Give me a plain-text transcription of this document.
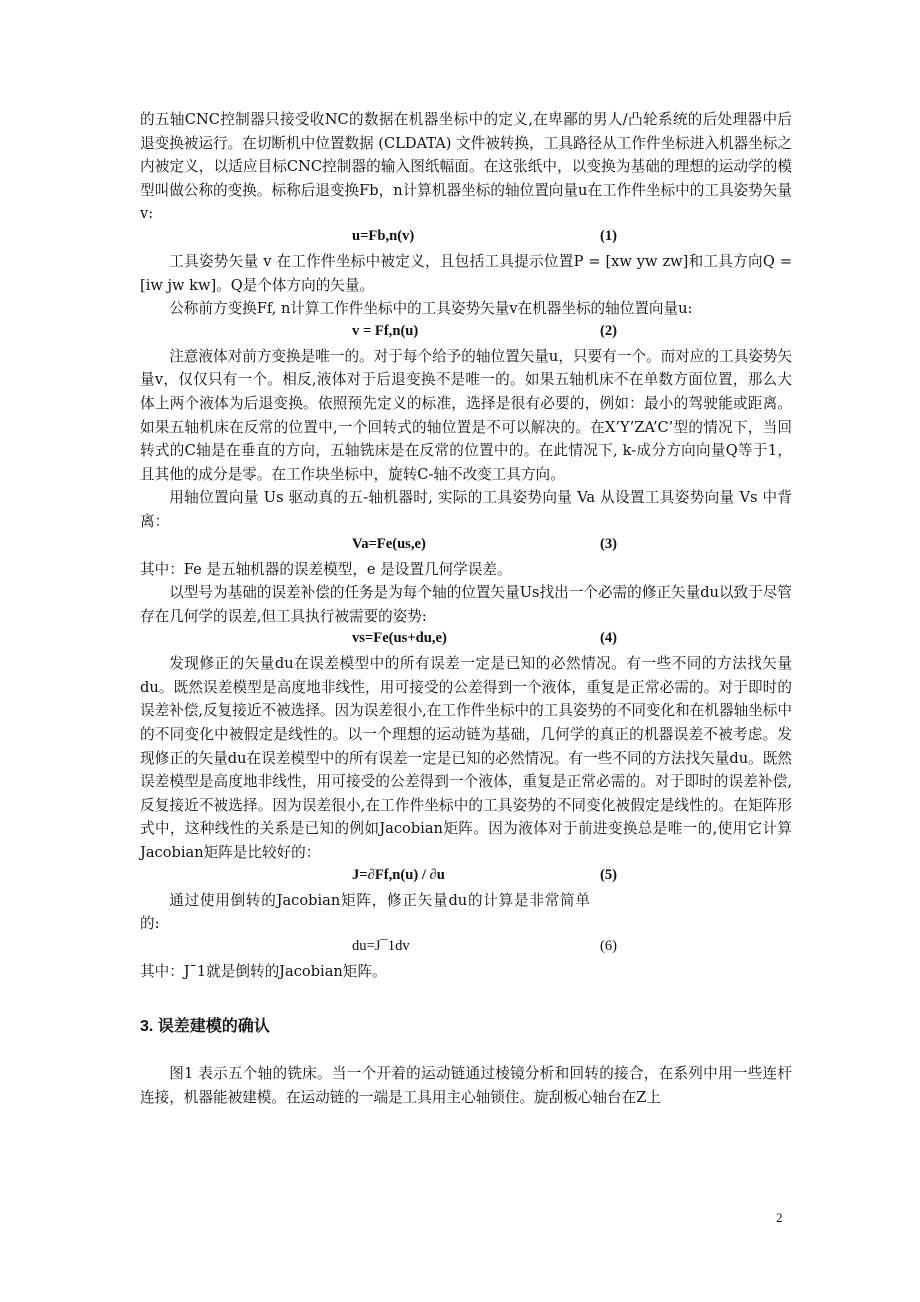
的五轴CNC控制器只接受收NC的数据在机器坐标中的定义,在卑鄙的男人/凸轮系统的后处理器中后退变换被运行。在切断机中位置数据 (CLDATA) 文件被转换，工具路径从工作件坐标进入机器坐标之内被定义，以适应目标CNC控制器的输入图纸幅面。在这张纸中，以变换为基础的理想的运动学的模型叫做公称的变换。标称后退变换Fb，n计算机器坐标的轴位置向量u在工作件坐标中的工具姿势矢量v:

u=Fb,n(v)	(1)

工具姿势矢量 v 在工作件坐标中被定义，且包括工具提示位置P = [xw yw zw]和工具方向Q = [iw jw kw]。Q是个体方向的矢量。

公称前方变换Ff, n计算工作件坐标中的工具姿势矢量v在机器坐标的轴位置向量u:

v = Ff,n(u)	(2)

注意液体对前方变换是唯一的。对于每个给予的轴位置矢量u，只要有一个。而对应的工具姿势矢量v，仅仅只有一个。相反,液体对于后退变换不是唯一的。如果五轴机床不在单数方面位置，那么大体上两个液体为后退变换。依照预先定义的标准，选择是很有必要的，例如：最小的驾驶能或距离。如果五轴机床在反常的位置中,一个回转式的轴位置是不可以解决的。在X’Y’ZA’C’型的情况下，当回转式的C轴是在垂直的方向，五轴铣床是在反常的位置中的。在此情况下, k-成分方向向量Q等于1，且其他的成分是零。在工作块坐标中，旋转C-轴不改变工具方向。

用轴位置向量 Us 驱动真的五-轴机器时, 实际的工具姿势向量 Va 从设置工具姿势向量 Vs 中背离：

Va=Fe(us,e)	(3)

其中：Fe 是五轴机器的误差模型，e 是设置几何学误差。

以型号为基础的误差补偿的任务是为每个轴的位置矢量Us找出一个必需的修正矢量du以致于尽管存在几何学的误差,但工具执行被需要的姿势:

vs=Fe(us+du,e)	(4)

发现修正的矢量du在误差模型中的所有误差一定是已知的必然情况。有一些不同的方法找矢量du。既然误差模型是高度地非线性，用可接受的公差得到一个液体，重复是正常必需的。对于即时的误差补偿,反复接近不被选择。因为误差很小,在工作件坐标中的工具姿势的不同变化和在机器轴坐标中的不同变化中被假定是线性的。以一个理想的运动链为基础，几何学的真正的机器误差不被考虑。发现修正的矢量du在误差模型中的所有误差一定是已知的必然情况。有一些不同的方法找矢量du。既然误差模型是高度地非线性，用可接受的公差得到一个液体，重复是正常必需的。对于即时的误差补偿,反复接近不被选择。因为误差很小,在工作件坐标中的工具姿势的不同变化被假定是线性的。在矩阵形式中，这种线性的关系是已知的例如Jacobian矩阵。因为液体对于前进变换总是唯一的,使用它计算Jacobian矩阵是比较好的：

J=∂Ff,n(u) / ∂u	(5)

通过使用倒转的Jacobian矩阵，修正矢量du的计算是非常简单的:

du=J¯1dv	(6)

其中：J¯1就是倒转的Jacobian矩阵。

3. 误差建模的确认

图1 表示五个轴的铣床。当一个开着的运动链通过棱镜分析和回转的接合，在系列中用一些连杆连接，机器能被建模。在运动链的一端是工具用主心轴锁住。旋刮板心轴台在Z上

2
